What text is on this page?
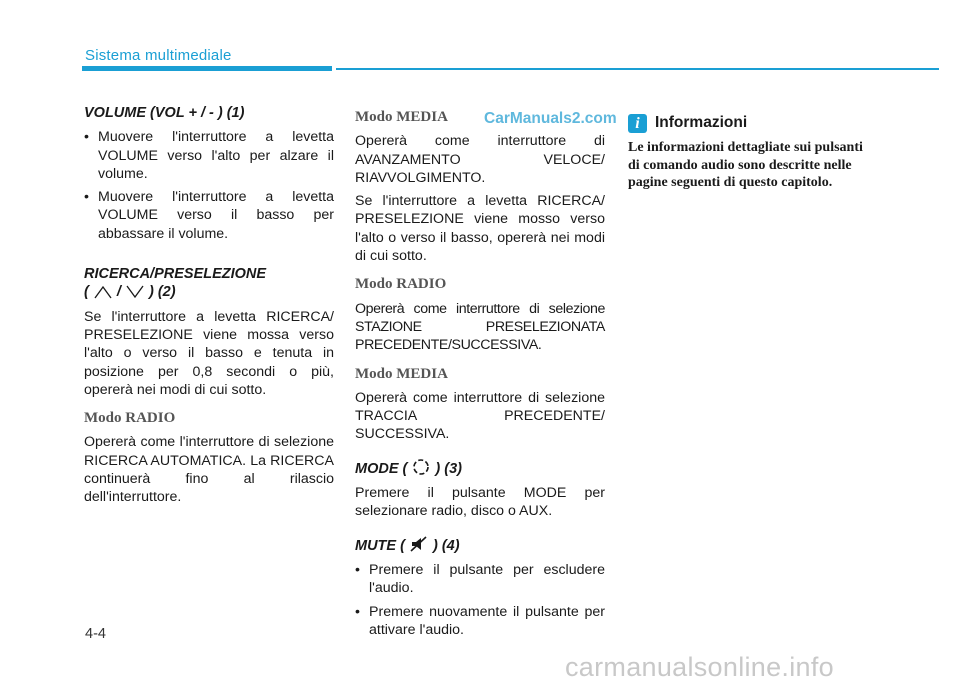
Sistema multimediale

VOLUME (VOL + / - ) (1)

• Muovere l'interruttore a levetta VOLUME verso l'alto per alzare il volume.
• Muovere l'interruttore a levetta VOLUME verso il basso per abbassare il volume.

RICERCA/PRESELEZIONE
( / ) (2)

Se l'interruttore a levetta RICERCA/ PRESELEZIONE viene mossa verso l'alto o verso il basso e tenuta in posizione per 0,8 secondi o più, opererà nei modi di cui sotto.

Modo RADIO

Opererà come l'interruttore di selezione RICERCA AUTOMATICA. La RICERCA continuerà fino al rilascio dell'interruttore.

Modo MEDIA

Opererà come interruttore di AVANZAMENTO VELOCE/ RIAVVOLGIMENTO.

Se l'interruttore a levetta RICERCA/ PRESELEZIONE viene mosso verso l'alto o verso il basso, opererà nei modi di cui sotto.

Modo RADIO

Opererà come interruttore di selezione STAZIONE PRESELEZIONATA PRECEDENTE/SUCCESSIVA.

Modo MEDIA

Opererà come interruttore di selezione TRACCIA PRECEDENTE/ SUCCESSIVA.

MODE ( ) (3)

Premere il pulsante MODE per selezionare radio, disco o AUX.

MUTE ( ) (4)

• Premere il pulsante per escludere l'audio.
• Premere nuovamente il pulsante per attivare l'audio.
i Informazioni

Le informazioni dettagliate sui pulsanti di comando audio sono descritte nelle pagine seguenti di questo capitolo.

CarManuals2.com
4-4
carmanualsonline.info
